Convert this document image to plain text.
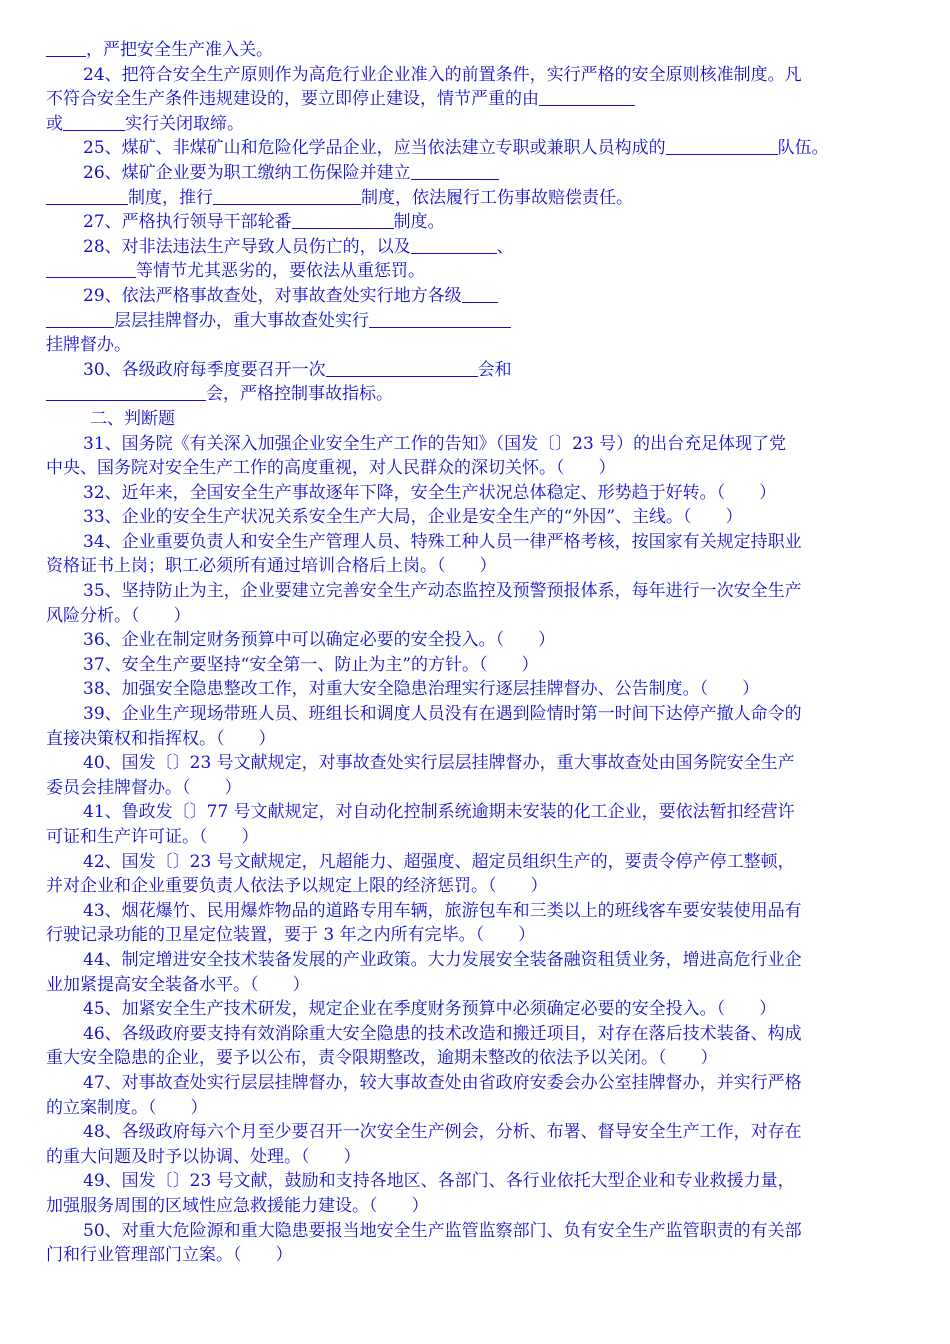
，严把安全生产准入关。
24、把符合安全生产原则作为高危行业企业准入的前置条件，实行严格的安全原则核准制度。凡
不符合安全生产条件违规建设的，要立即停止建设，情节严重的由
或	实行关闭取缔。
25、煤矿、非煤矿山和危险化学品企业，应当依法建立专职或兼职人员构成的	队伍。
26、煤矿企业要为职工缴纳工伤保险并建立
制度，推行	制度，依法履行工伤事故赔偿责任。
27、严格执行领导干部轮番	制度。
28、对非法违法生产导致人员伤亡的，以及	、
等情节尤其恶劣的，要依法从重惩罚。
29、依法严格事故查处，对事故查处实行地方各级
层层挂牌督办，重大事故查处实行
挂牌督办。
30、各级政府每季度要召开一次	会和
会，严格控制事故指标。
二、判断题
31、国务院《有关深入加强企业安全生产工作的告知》（国发〔〕23 号）的出台充足体现了党
中央、国务院对安全生产工作的高度重视，对人民群众的深切关怀。（　　）
32、近年来，全国安全生产事故逐年下降，安全生产状况总体稳定、形势趋于好转。（　　）
33、企业的安全生产状况关系安全生产大局，企业是安全生产的“外因”、主线。（　　）
34、企业重要负责人和安全生产管理人员、特殊工种人员一律严格考核，按国家有关规定持职业
资格证书上岗；职工必须所有通过培训合格后上岗。（　　）
35、坚持防止为主，企业要建立完善安全生产动态监控及预警预报体系，每年进行一次安全生产
风险分析。（　　）
36、企业在制定财务预算中可以确定必要的安全投入。（　　）
37、安全生产要坚持“安全第一、防止为主”的方针。（　　）
38、加强安全隐患整改工作，对重大安全隐患治理实行逐层挂牌督办、公告制度。（　　）
39、企业生产现场带班人员、班组长和调度人员没有在遇到险情时第一时间下达停产撤人命令的
直接决策权和指挥权。（　　）
40、国发〔〕23 号文献规定，对事故查处实行层层挂牌督办，重大事故查处由国务院安全生产
委员会挂牌督办。（　　）
41、鲁政发〔〕77 号文献规定，对自动化控制系统逾期未安装的化工企业，要依法暂扣经营许
可证和生产许可证。（　　）
42、国发〔〕23 号文献规定，凡超能力、超强度、超定员组织生产的，要责令停产停工整顿，
并对企业和企业重要负责人依法予以规定上限的经济惩罚。（　　）
43、烟花爆竹、民用爆炸物品的道路专用车辆，旅游包车和三类以上的班线客车要安装使用品有
行驶记录功能的卫星定位装置，要于 3 年之内所有完毕。（　　）
44、制定增进安全技术装备发展的产业政策。大力发展安全装备融资租赁业务，增进高危行业企
业加紧提高安全装备水平。（　　）
45、加紧安全生产技术研发，规定企业在季度财务预算中必须确定必要的安全投入。（　　）
46、各级政府要支持有效消除重大安全隐患的技术改造和搬迁项目，对存在落后技术装备、构成
重大安全隐患的企业，要予以公布，责令限期整改，逾期未整改的依法予以关闭。（　　）
47、对事故查处实行层层挂牌督办，较大事故查处由省政府安委会办公室挂牌督办，并实行严格
的立案制度。（　　）
48、各级政府每六个月至少要召开一次安全生产例会，分析、布署、督导安全生产工作，对存在
的重大问题及时予以协调、处理。（　　）
49、国发〔〕23 号文献，鼓励和支持各地区、各部门、各行业依托大型企业和专业救援力量，
加强服务周围的区域性应急救援能力建设。（　　）
50、对重大危险源和重大隐患要报当地安全生产监管监察部门、负有安全生产监管职责的有关部
门和行业管理部门立案。（　　）
